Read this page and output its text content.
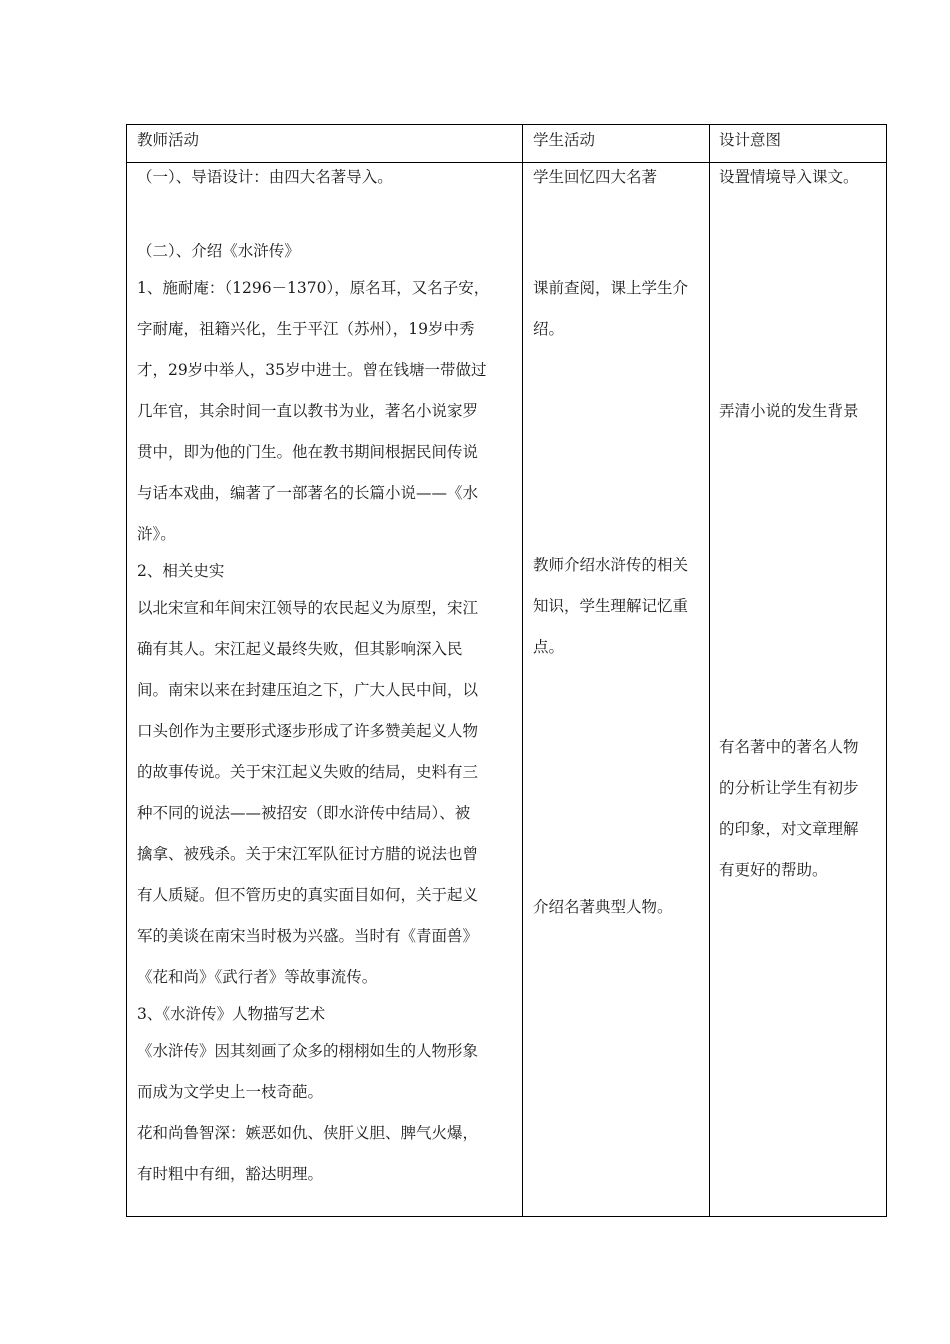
教师活动	学生活动	设计意图
（一）、导语设计：由四大名著导入。
（二）、介绍《水浒传》
1、施耐庵：（1296－1370），原名耳，又名子安，
字耐庵，祖籍兴化，生于平江（苏州），19岁中秀
才，29岁中举人，35岁中进士。曾在钱塘一带做过
几年官，其余时间一直以教书为业，著名小说家罗
贯中，即为他的门生。他在教书期间根据民间传说
与话本戏曲，编著了一部著名的长篇小说——《水
浒》。
2、相关史实
以北宋宣和年间宋江领导的农民起义为原型，宋江
确有其人。宋江起义最终失败，但其影响深入民
间。南宋以来在封建压迫之下，广大人民中间，以
口头创作为主要形式逐步形成了许多赞美起义人物
的故事传说。关于宋江起义失败的结局，史料有三
种不同的说法——被招安（即水浒传中结局）、被
擒拿、被残杀。关于宋江军队征讨方腊的说法也曾
有人质疑。但不管历史的真实面目如何，关于起义
军的美谈在南宋当时极为兴盛。当时有《青面兽》
《花和尚》《武行者》等故事流传。
3、《水浒传》人物描写艺术
《水浒传》因其刻画了众多的栩栩如生的人物形象
而成为文学史上一枝奇葩。
花和尚鲁智深：嫉恶如仇、侠肝义胆、脾气火爆，
有时粗中有细，豁达明理。
学生回忆四大名著
课前查阅，课上学生介
绍。
教师介绍水浒传的相关
知识，学生理解记忆重
点。
介绍名著典型人物。
设置情境导入课文。
弄清小说的发生背景
有名著中的著名人物
的分析让学生有初步
的印象，对文章理解
有更好的帮助。
